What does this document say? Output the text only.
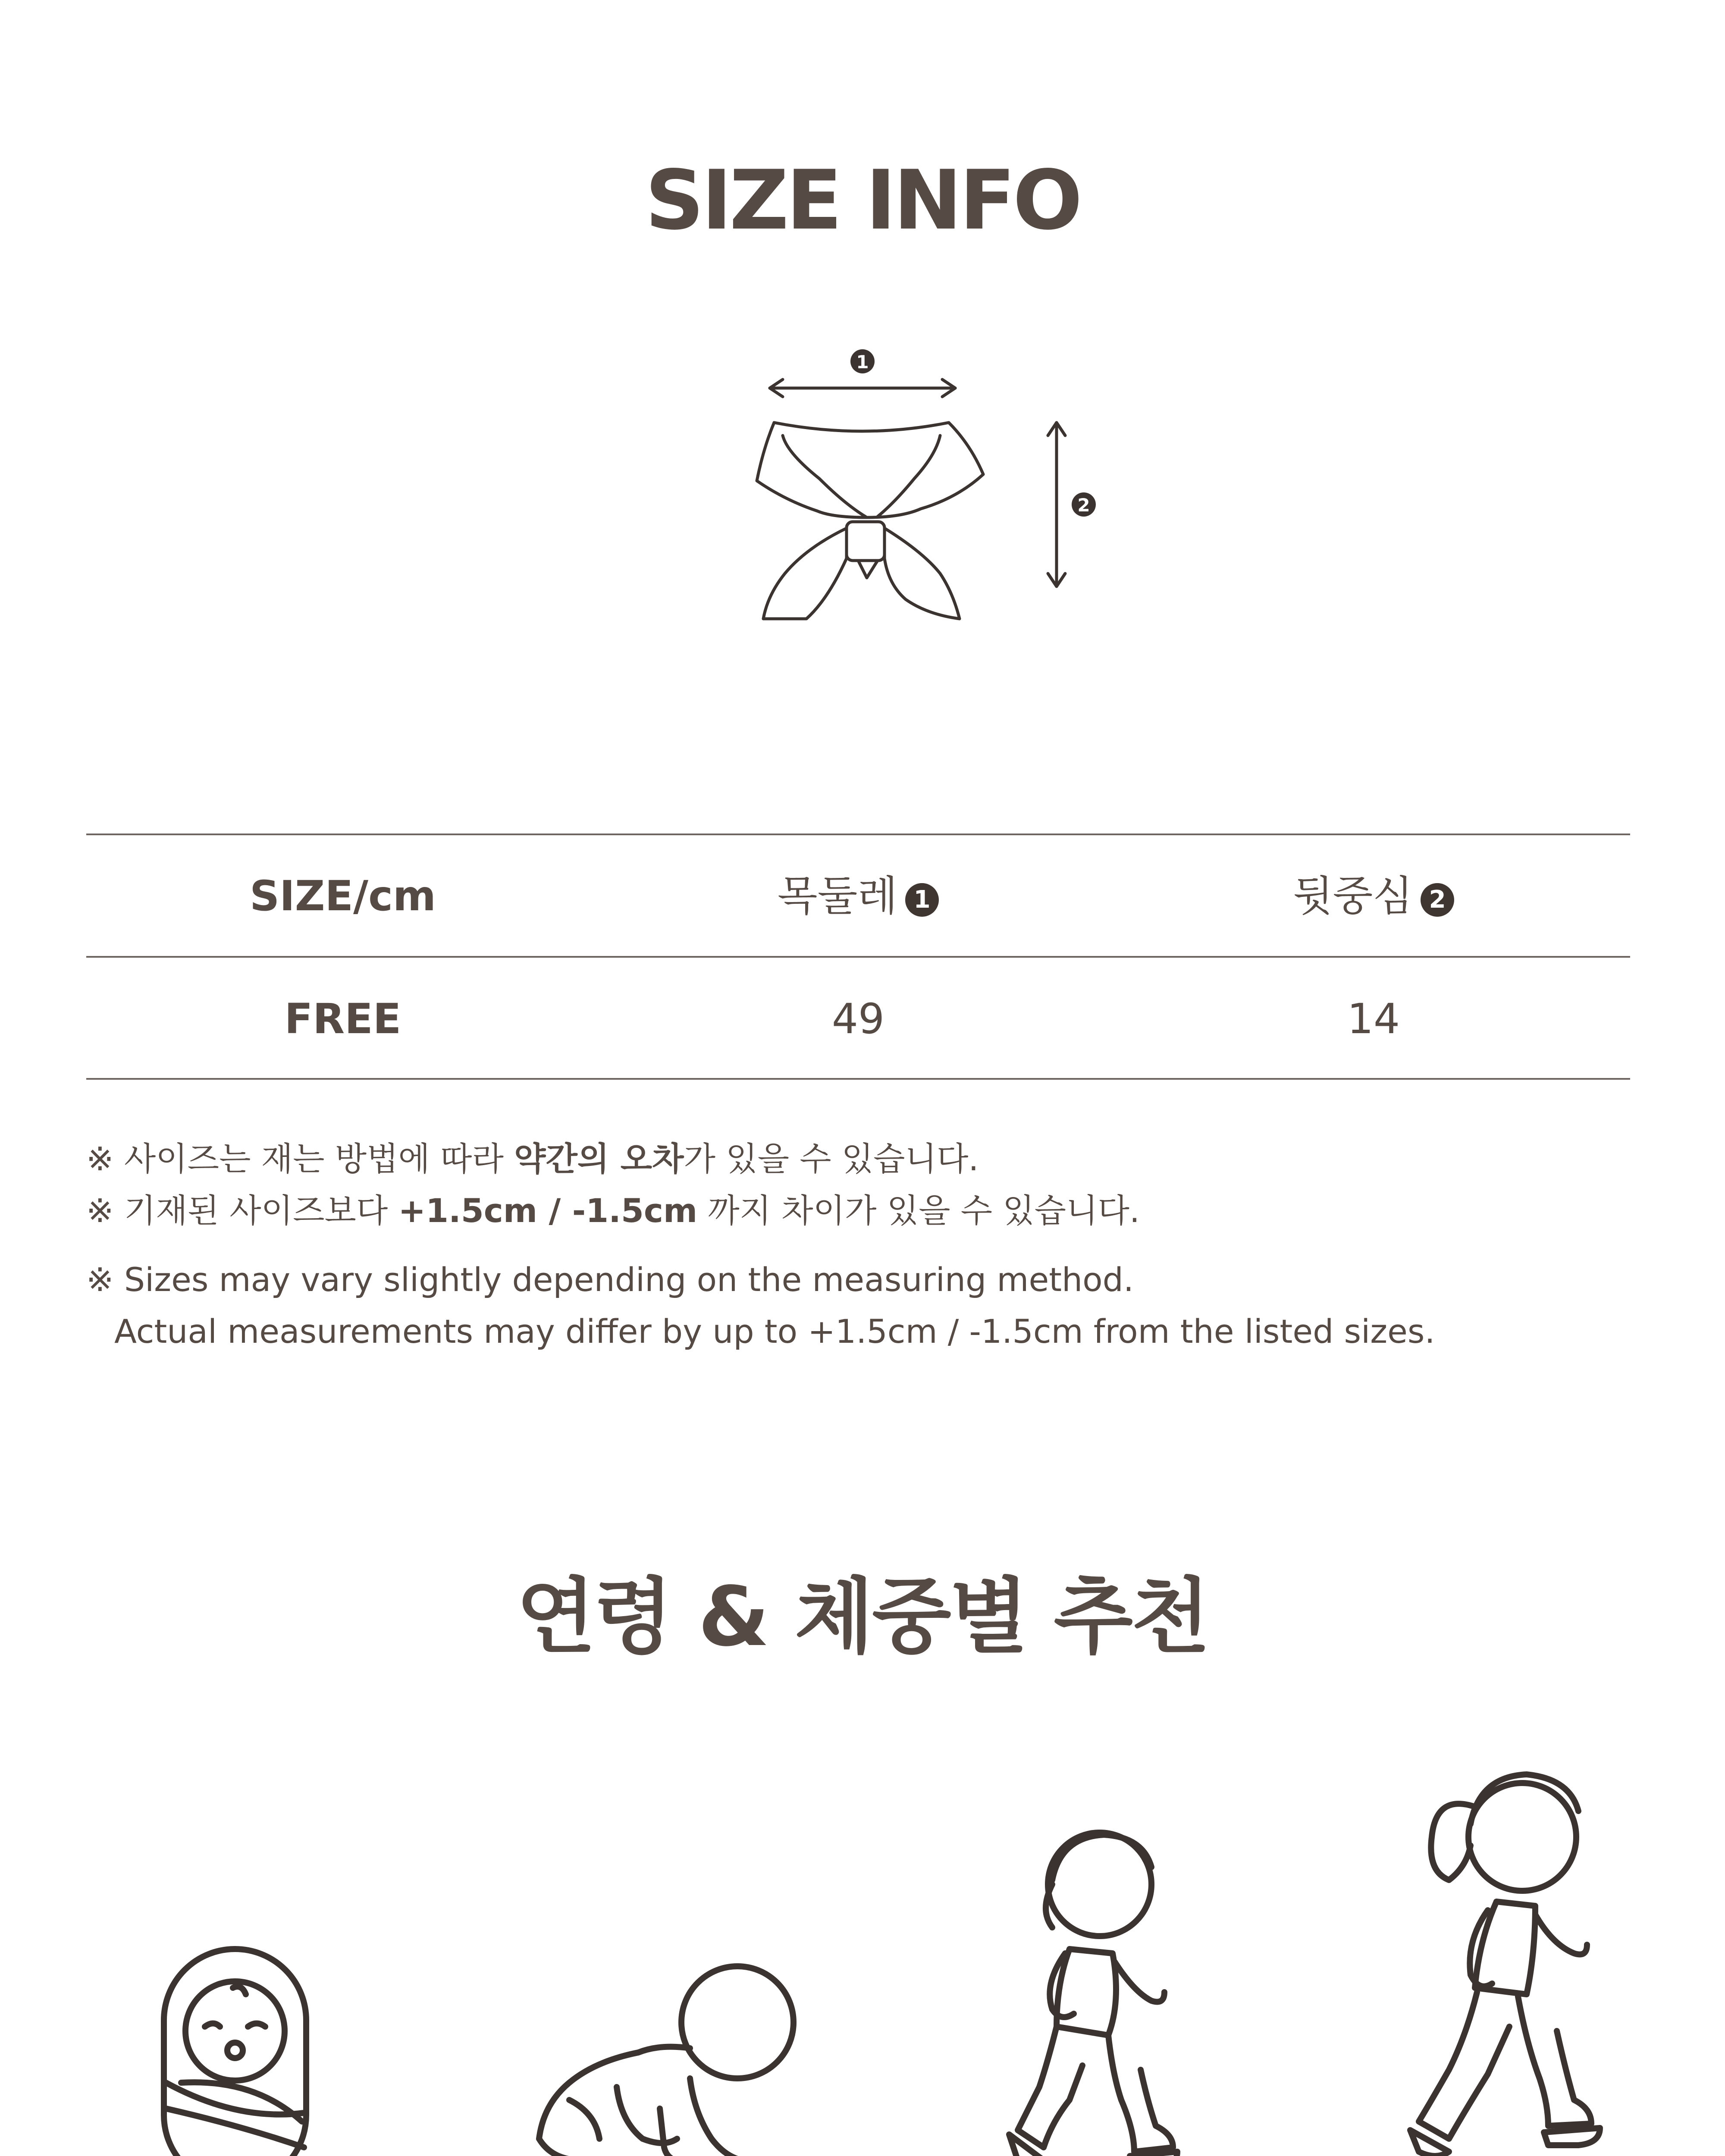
SIZE INFO
1
2
SIZE/cm	목둘레 1	뒷중심 2
FREE	49	14
※ 사이즈는 재는 방법에 따라 약간의 오차가 있을 수 있습니다.
※ 기재된 사이즈보다 +1.5cm / -1.5cm 까지 차이가 있을 수 있습니다.
※ Sizes may vary slightly depending on the measuring method.
Actual measurements may differ by up to +1.5cm / -1.5cm from the listed sizes.
연령 & 체중별 추천
